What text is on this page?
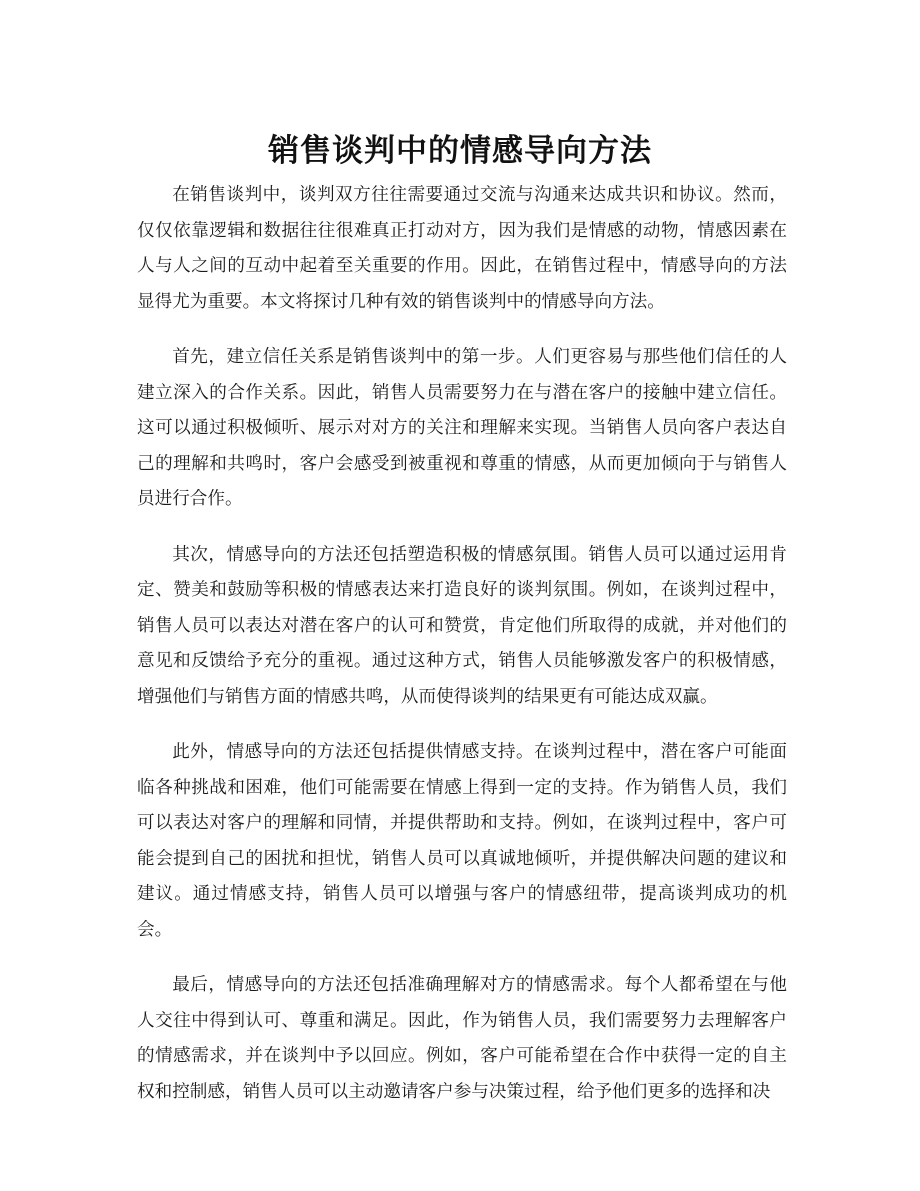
销售谈判中的情感导向方法

在销售谈判中，谈判双方往往需要通过交流与沟通来达成共识和协议。然而，仅仅依靠逻辑和数据往往很难真正打动对方，因为我们是情感的动物，情感因素在人与人之间的互动中起着至关重要的作用。因此，在销售过程中，情感导向的方法显得尤为重要。本文将探讨几种有效的销售谈判中的情感导向方法。

首先，建立信任关系是销售谈判中的第一步。人们更容易与那些他们信任的人建立深入的合作关系。因此，销售人员需要努力在与潜在客户的接触中建立信任。这可以通过积极倾听、展示对对方的关注和理解来实现。当销售人员向客户表达自己的理解和共鸣时，客户会感受到被重视和尊重的情感，从而更加倾向于与销售人员进行合作。

其次，情感导向的方法还包括塑造积极的情感氛围。销售人员可以通过运用肯定、赞美和鼓励等积极的情感表达来打造良好的谈判氛围。例如，在谈判过程中，销售人员可以表达对潜在客户的认可和赞赏，肯定他们所取得的成就，并对他们的意见和反馈给予充分的重视。通过这种方式，销售人员能够激发客户的积极情感，增强他们与销售方面的情感共鸣，从而使得谈判的结果更有可能达成双赢。

此外，情感导向的方法还包括提供情感支持。在谈判过程中，潜在客户可能面临各种挑战和困难，他们可能需要在情感上得到一定的支持。作为销售人员，我们可以表达对客户的理解和同情，并提供帮助和支持。例如，在谈判过程中，客户可能会提到自己的困扰和担忧，销售人员可以真诚地倾听，并提供解决问题的建议和建议。通过情感支持，销售人员可以增强与客户的情感纽带，提高谈判成功的机会。

最后，情感导向的方法还包括准确理解对方的情感需求。每个人都希望在与他人交往中得到认可、尊重和满足。因此，作为销售人员，我们需要努力去理解客户的情感需求，并在谈判中予以回应。例如，客户可能希望在合作中获得一定的自主权和控制感，销售人员可以主动邀请客户参与决策过程，给予他们更多的选择和决
